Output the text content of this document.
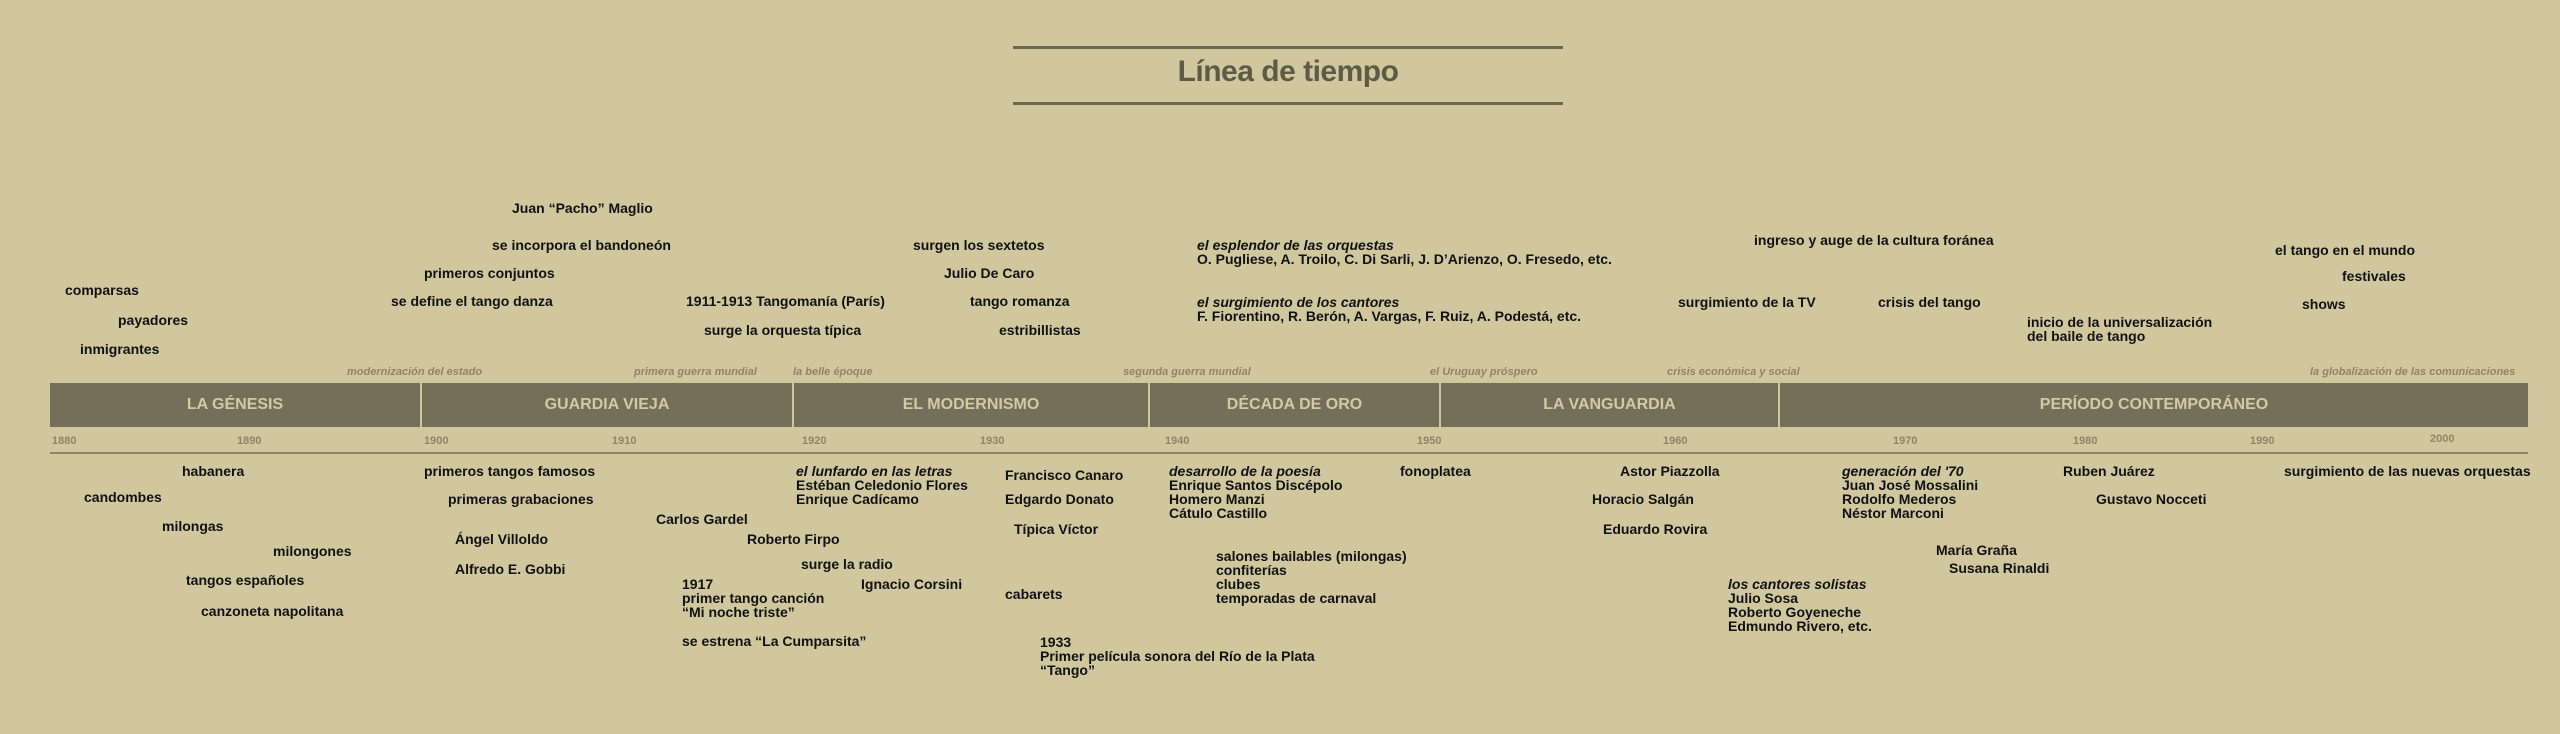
Línea de tiempo
modernización del estado	primera guerra mundial	la belle époque	segunda guerra mundial	el Uruguay próspero	crisis económica y social	la globalización de las comunicaciones
LA GÉNESIS	GUARDIA VIEJA	EL MODERNISMO	DÉCADA DE ORO	LA VANGUARDIA	PERÍODO CONTEMPORÁNEO
1880	1890	1900	1910	1920	1930	1940	1950	1960	1970	1980	1990	2000
comparsas
payadores
inmigrantes
Juan “Pacho” Maglio
se incorpora el bandoneón
primeros conjuntos
se define el tango danza	1911-1913 Tangomanía (París)
surge la orquesta típica
surgen los sextetos
Julio De Caro
tango romanza
estribillistas
el esplendor de las orquestas
O. Pugliese, A. Troilo, C. Di Sarli, J. D’Arienzo, O. Fresedo, etc.
el surgimiento de los cantores
F. Fiorentino, R. Berón, A. Vargas, F. Ruiz, A. Podestá, etc.
surgimiento de la TV
ingreso y auge de la cultura foránea
crisis del tango
inicio de la universalización
del baile de tango
el tango en el mundo
festivales
shows
habanera
candombes
milongas
milongones
tangos españoles
canzoneta napolitana
primeros tangos famosos
primeras grabaciones
Ángel Villoldo
Alfredo E. Gobbi
Carlos Gardel
Roberto Firpo
surge la radio
1917
primer tango canción
“Mi noche triste”
Ignacio Corsini
se estrena “La Cumparsita”
el lunfardo en las letras
Estéban Celedonio Flores
Enrique Cadícamo
Francisco Canaro
Edgardo Donato
Típica Víctor
cabarets
1933
Primer película sonora del Río de la Plata
“Tango”
desarrollo de la poesía
Enrique Santos Discépolo
Homero Manzi
Cátulo Castillo
salones bailables (milongas)
confiterías
clubes
temporadas de carnaval
fonoplatea	Astor Piazzolla
Horacio Salgán
Eduardo Rovira
los cantores solistas
Julio Sosa
Roberto Goyeneche
Edmundo Rivero, etc.
generación del '70
Juan José Mossalini
Rodolfo Mederos
Néstor Marconi
María Graña
Susana Rinaldi
Ruben Juárez
Gustavo Nocceti
surgimiento de las nuevas orquestas
